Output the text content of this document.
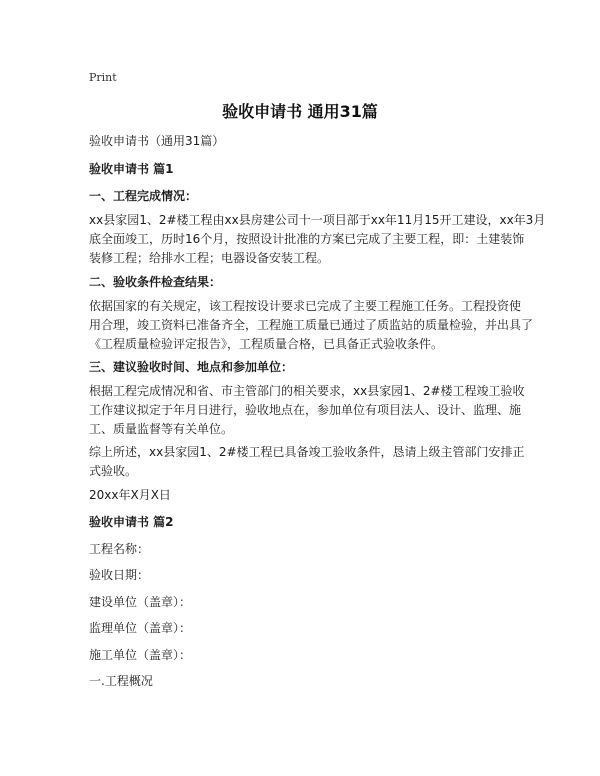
Print
验收申请书 通用31篇
验收申请书（通用31篇）
验收申请书 篇1
一、工程完成情况：
xx县家园1、2#楼工程由xx县房建公司十一项目部于xx年11月15开工建设，xx年3月
底全面竣工，历时16个月，按照设计批准的方案已完成了主要工程，即：土建装饰
装修工程；给排水工程；电器设备安装工程。
二、验收条件检查结果：
依据国家的有关规定，该工程按设计要求已完成了主要工程施工任务。工程投资使
用合理，竣工资料已准备齐全，工程施工质量已通过了质监站的质量检验，并出具了
《工程质量检验评定报告》，工程质量合格，已具备正式验收条件。
三、建议验收时间、地点和参加单位：
根据工程完成情况和省、市主管部门的相关要求，xx县家园1、2#楼工程竣工验收
工作建议拟定于年月日进行，验收地点在，参加单位有项目法人、设计、监理、施
工、质量监督等有关单位。
综上所述，xx县家园1、2#楼工程已具备竣工验收条件，恳请上级主管部门安排正
式验收。
20xx年X月X日
验收申请书 篇2
工程名称：
验收日期：
建设单位（盖章）：
监理单位（盖章）：
施工单位（盖章）：
一.工程概况
